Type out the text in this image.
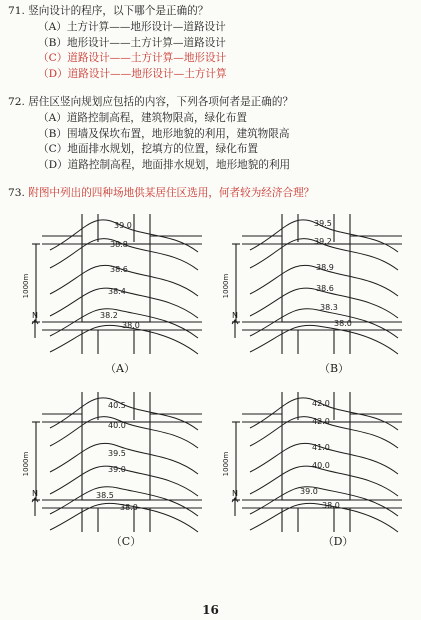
71. 竖向设计的程序，以下哪个是正确的？
（A）土方计算——地形设计—道路设计
（B）地形设计——土方计算—道路设计
（C）道路设计——土方计算—地形设计
（D）道路设计——地形设计—土方计算
72. 居住区竖向规划应包括的内容，下列各项何者是正确的？
（A）道路控制高程，建筑物限高，绿化布置
（B）围墙及保坎布置，地形地貌的利用，建筑物限高
（C）地面排水规划，挖填方的位置，绿化布置
（D）道路控制高程，地面排水规划，地形地貌的利用
73. 附图中列出的四种场地供某居住区选用，何者较为经济合理？
1000m
N
39.0
38.8
38.6
38.4
38.2
38.0
（A）
1000m
N
39.5
39.2
38.9
38.6
38.3
38.0
（B）
1000m
N
40.5
40.0
39.5
39.0
38.5
38.0
（C）
1000m
N
42.0
42.0
41.0
40.0
39.0
38.0
（D）
16
